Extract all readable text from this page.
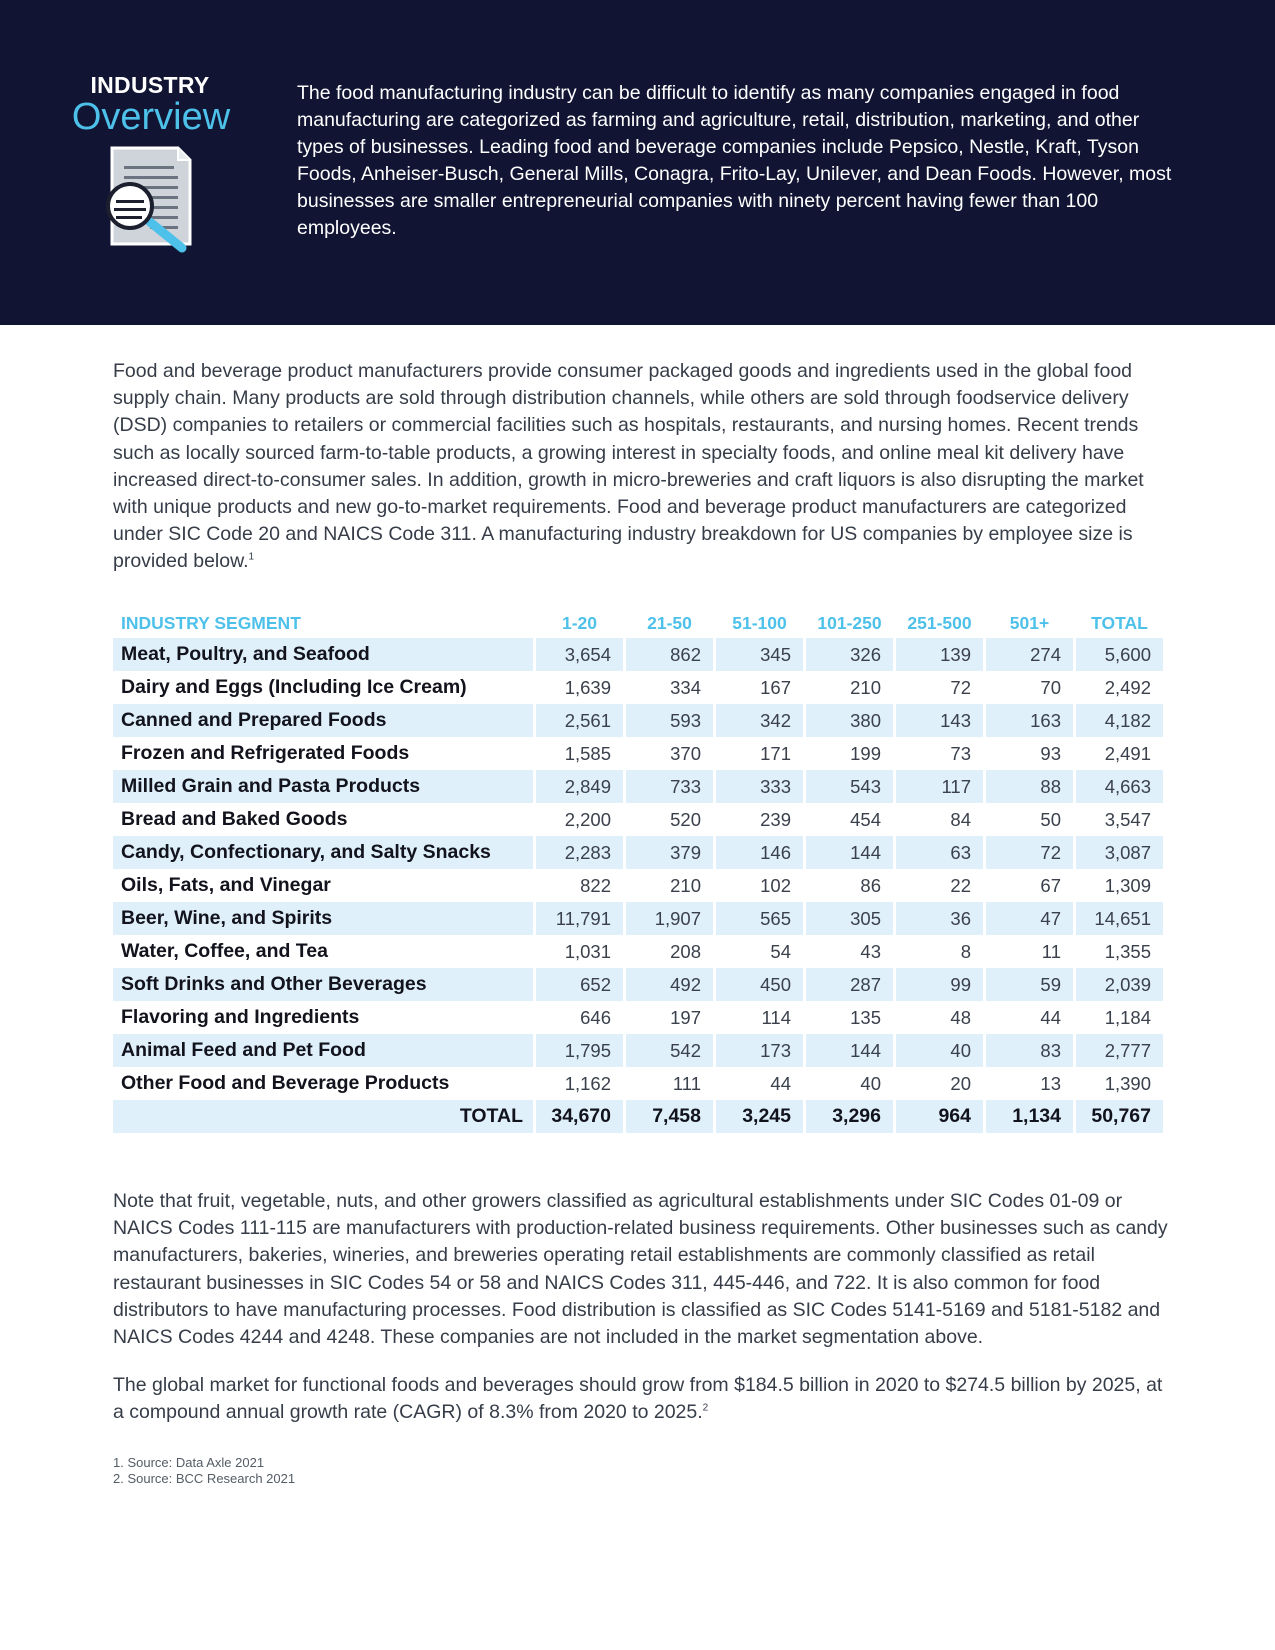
INDUSTRY
Overview

The food manufacturing industry can be difficult to identify as many companies engaged in food manufacturing are categorized as farming and agriculture, retail, distribution, marketing, and other types of businesses. Leading food and beverage companies include Pepsico, Nestle, Kraft, Tyson Foods, Anheiser-Busch, General Mills, Conagra, Frito-Lay, Unilever, and Dean Foods. However, most businesses are smaller entrepreneurial companies with ninety percent having fewer than 100 employees.

Food and beverage product manufacturers provide consumer packaged goods and ingredients used in the global food supply chain. Many products are sold through distribution channels, while others are sold through foodservice delivery (DSD) companies to retailers or commercial facilities such as hospitals, restaurants, and nursing homes. Recent trends such as locally sourced farm-to-table products, a growing interest in specialty foods, and online meal kit delivery have increased direct-to-consumer sales. In addition, growth in micro-breweries and craft liquors is also disrupting the market with unique products and new go-to-market requirements. Food and beverage product manufacturers are categorized under SIC Code 20 and NAICS Code 311. A manufacturing industry breakdown for US companies by employee size is provided below.$^1$

INDUSTRY SEGMENT	1-20	21-50	51-100	101-250	251-500	501+	TOTAL
Meat, Poultry, and Seafood	3,654	862	345	326	139	274	5,600
Dairy and Eggs (Including Ice Cream)	1,639	334	167	210	72	70	2,492
Canned and Prepared Foods	2,561	593	342	380	143	163	4,182
Frozen and Refrigerated Foods	1,585	370	171	199	73	93	2,491
Milled Grain and Pasta Products	2,849	733	333	543	117	88	4,663
Bread and Baked Goods	2,200	520	239	454	84	50	3,547
Candy, Confectionary, and Salty Snacks	2,283	379	146	144	63	72	3,087
Oils, Fats, and Vinegar	822	210	102	86	22	67	1,309
Beer, Wine, and Spirits	11,791	1,907	565	305	36	47	14,651
Water, Coffee, and Tea	1,031	208	54	43	8	11	1,355
Soft Drinks and Other Beverages	652	492	450	287	99	59	2,039
Flavoring and Ingredients	646	197	114	135	48	44	1,184
Animal Feed and Pet Food	1,795	542	173	144	40	83	2,777
Other Food and Beverage Products	1,162	111	44	40	20	13	1,390
TOTAL	34,670	7,458	3,245	3,296	964	1,134	50,767

Note that fruit, vegetable, nuts, and other growers classified as agricultural establishments under SIC Codes 01-09 or NAICS Codes 111-115 are manufacturers with production-related business requirements. Other businesses such as candy manufacturers, bakeries, wineries, and breweries operating retail establishments are commonly classified as retail restaurant businesses in SIC Codes 54 or 58 and NAICS Codes 311, 445-446, and 722. It is also common for food distributors to have manufacturing processes. Food distribution is classified as SIC Codes 5141-5169 and 5181-5182 and NAICS Codes 4244 and 4248. These companies are not included in the market segmentation above.

The global market for functional foods and beverages should grow from $184.5 billion in 2020 to $274.5 billion by 2025, at a compound annual growth rate (CAGR) of 8.3% from 2020 to 2025.$^2$

1. Source: Data Axle 2021
2. Source: BCC Research 2021
